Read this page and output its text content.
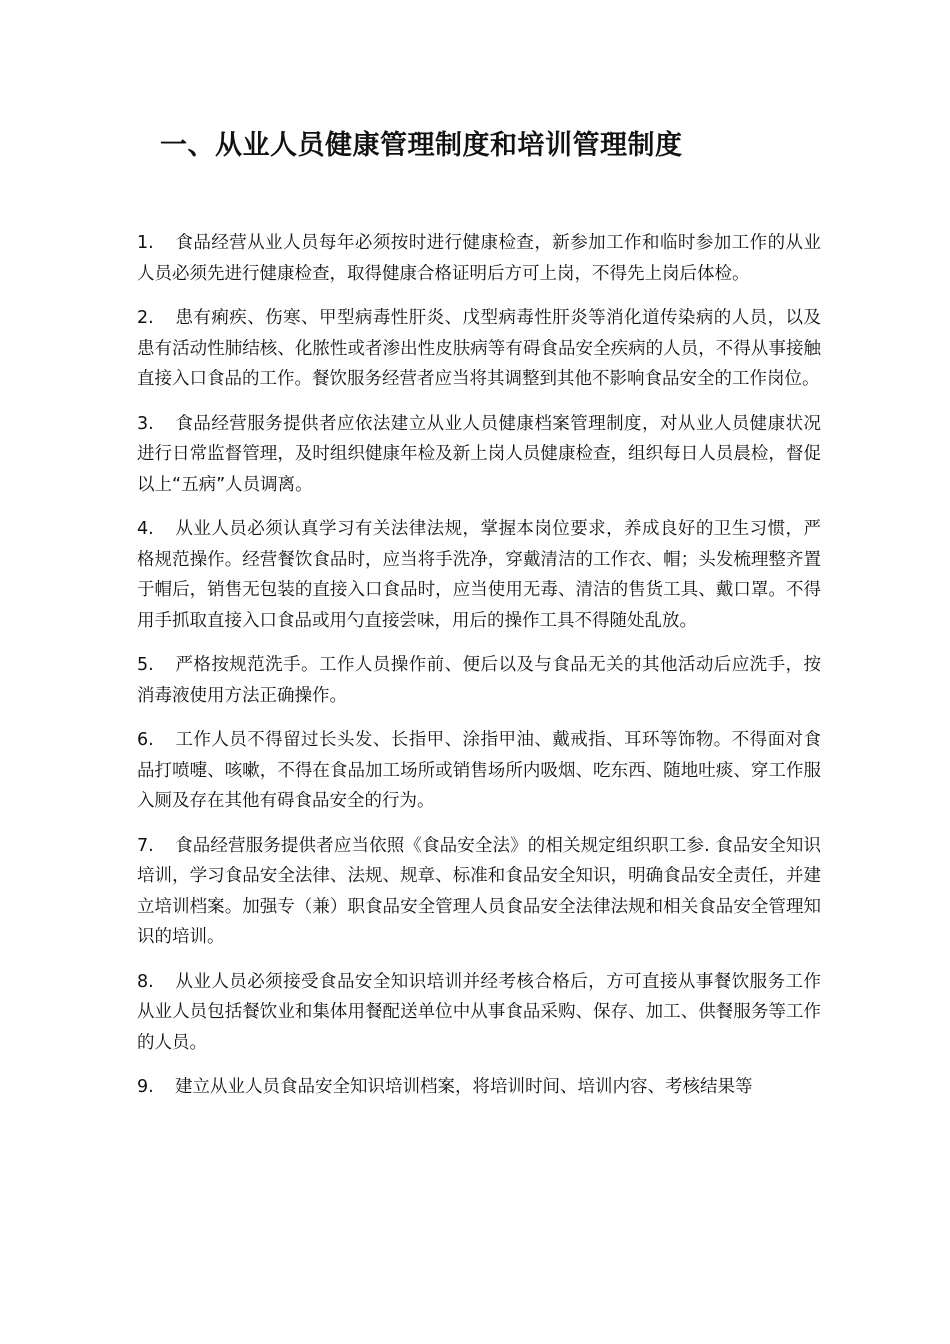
一、从业人员健康管理制度和培训管理制度

1. 食品经营从业人员每年必须按时进行健康检查，新参加工作和临时参加工作的从业人员必须先进行健康检查，取得健康合格证明后方可上岗，不得先上岗后体检。

2. 患有痢疾、伤寒、甲型病毒性肝炎、戊型病毒性肝炎等消化道传染病的人员，以及患有活动性肺结核、化脓性或者渗出性皮肤病等有碍食品安全疾病的人员，不得从事接触直接入口食品的工作。餐饮服务经营者应当将其调整到其他不影响食品安全的工作岗位。

3. 食品经营服务提供者应依法建立从业人员健康档案管理制度，对从业人员健康状况进行日常监督管理，及时组织健康年检及新上岗人员健康检查，组织每日人员晨检，督促以上“五病”人员调离。

4. 从业人员必须认真学习有关法律法规，掌握本岗位要求，养成良好的卫生习惯，严格规范操作。经营餐饮食品时，应当将手洗净，穿戴清洁的工作衣、帽；头发梳理整齐置于帽后，销售无包装的直接入口食品时，应当使用无毒、清洁的售货工具、戴口罩。不得用手抓取直接入口食品或用勺直接尝味，用后的操作工具不得随处乱放。

5. 严格按规范洗手。工作人员操作前、便后以及与食品无关的其他活动后应洗手，按消毒液使用方法正确操作。

6. 工作人员不得留过长头发、长指甲、涂指甲油、戴戒指、耳环等饰物。不得面对食品打喷嚏、咳嗽，不得在食品加工场所或销售场所内吸烟、吃东西、随地吐痰、穿工作服入厕及存在其他有碍食品安全的行为。

7. 食品经营服务提供者应当依照《食品安全法》的相关规定组织职工参. 食品安全知识培训，学习食品安全法律、法规、规章、标准和食品安全知识，明确食品安全责任，并建立培训档案。加强专（兼）职食品安全管理人员食品安全法律法规和相关食品安全管理知识的培训。

8. 从业人员必须接受食品安全知识培训并经考核合格后，方可直接从事餐饮服务工作从业人员包括餐饮业和集体用餐配送单位中从事食品采购、保存、加工、供餐服务等工作的人员。

9. 建立从业人员食品安全知识培训档案，将培训时间、培训内容、考核结果等
